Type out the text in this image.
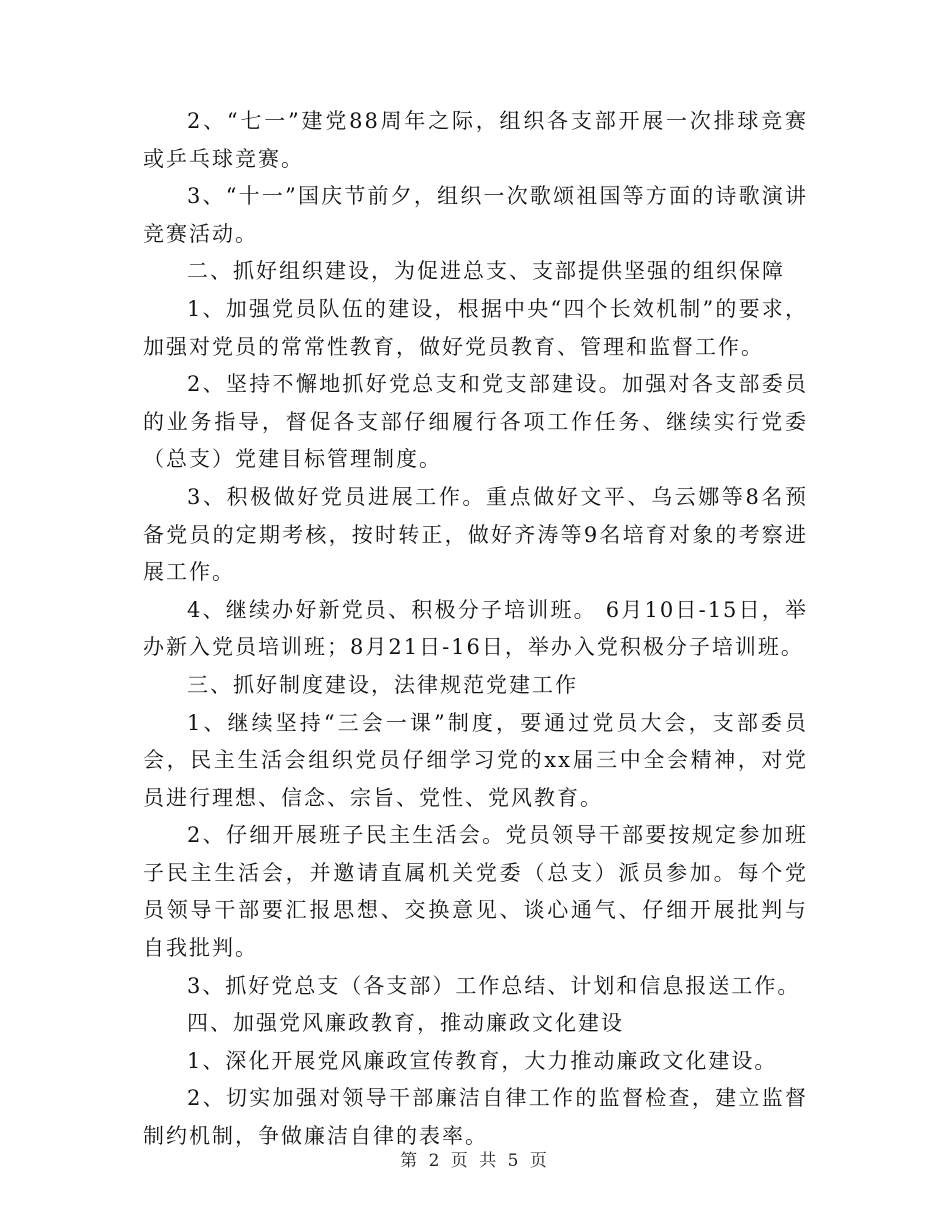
2、“七一”建党88周年之际，组织各支部开展一次排球竞赛或乒乓球竞赛。

3、“十一”国庆节前夕，组织一次歌颂祖国等方面的诗歌演讲竞赛活动。

二、抓好组织建设，为促进总支、支部提供坚强的组织保障

1、加强党员队伍的建设，根据中央“四个长效机制”的要求，加强对党员的常常性教育，做好党员教育、管理和监督工作。

2、坚持不懈地抓好党总支和党支部建设。加强对各支部委员的业务指导，督促各支部仔细履行各项工作任务、继续实行党委（总支）党建目标管理制度。

3、积极做好党员进展工作。重点做好文平、乌云娜等8名预备党员的定期考核，按时转正，做好齐涛等9名培育对象的考察进展工作。

4、继续办好新党员、积极分子培训班。 6月10日-15日，举办新入党员培训班；8月21日-16日，举办入党积极分子培训班。

三、抓好制度建设，法律规范党建工作

1、继续坚持“三会一课”制度，要通过党员大会，支部委员会，民主生活会组织党员仔细学习党的xx届三中全会精神，对党员进行理想、信念、宗旨、党性、党风教育。

2、仔细开展班子民主生活会。党员领导干部要按规定参加班子民主生活会，并邀请直属机关党委（总支）派员参加。每个党员领导干部要汇报思想、交换意见、谈心通气、仔细开展批判与自我批判。

3、抓好党总支（各支部）工作总结、计划和信息报送工作。

四、加强党风廉政教育，推动廉政文化建设

1、深化开展党风廉政宣传教育，大力推动廉政文化建设。

2、切实加强对领导干部廉洁自律工作的监督检查，建立监督制约机制，争做廉洁自律的表率。

第 2 页 共 5 页
